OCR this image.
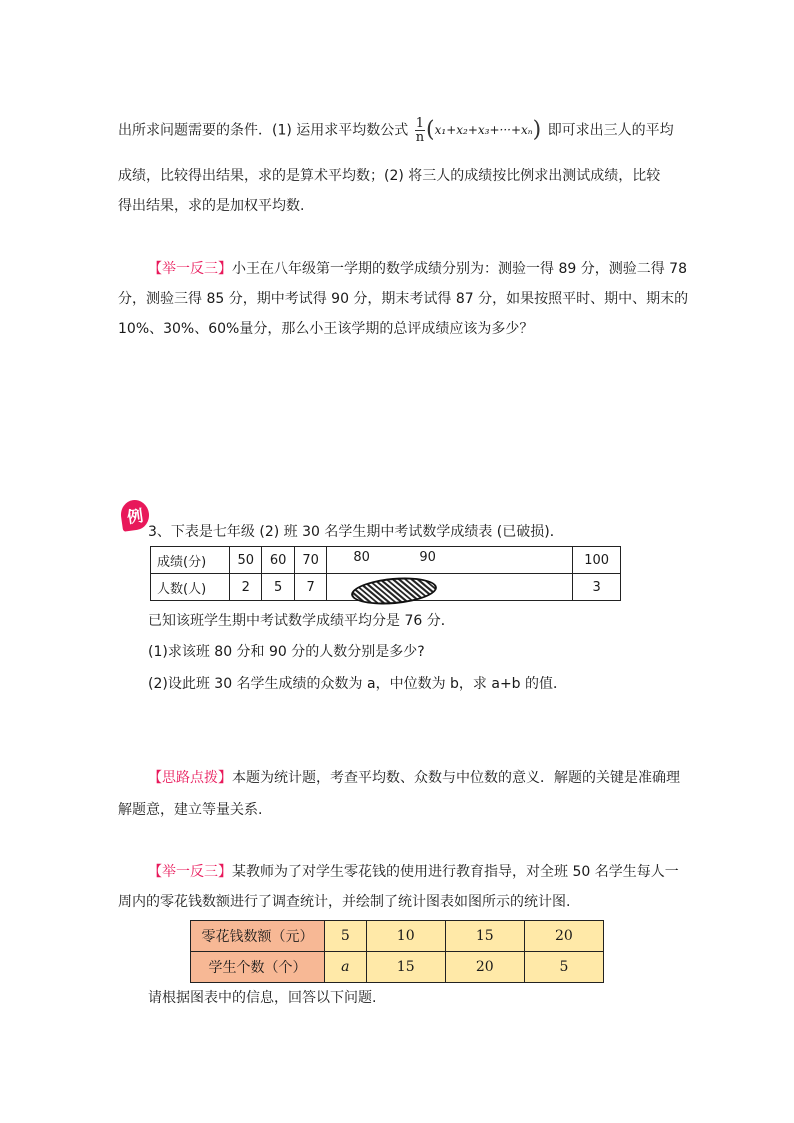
出所求问题需要的条件．(1) 运用求平均数公式 $\frac{1}{n} (x_1+x_2+x_3+\cdot\cdot\cdot+x_n)$ 即可求出三人的平均
成绩，比较得出结果，求的是算术平均数；(2) 将三人的成绩按比例求出测试成绩，比较
得出结果，求的是加权平均数.
【举一反三】小王在八年级第一学期的数学成绩分别为：测验一得 89 分，测验二得 78
分，测验三得 85 分，期中考试得 90 分，期末考试得 87 分，如果按照平时、期中、期末的
10%、30%、60%量分，那么小王该学期的总评成绩应该为多少？
例
3、下表是七年级 (2) 班 30 名学生期中考试数学成绩表 (已破损)．
成绩(分)	50	60	70	80 90	100
人数(人)	2	5	7		3
已知该班学生期中考试数学成绩平均分是 76 分．
(1)求该班 80 分和 90 分的人数分别是多少?
(2)设此班 30 名学生成绩的众数为 a，中位数为 b，求 a+b 的值．
【思路点拨】本题为统计题，考查平均数、众数与中位数的意义．解题的关键是准确理
解题意，建立等量关系.
【举一反三】某教师为了对学生零花钱的使用进行教育指导，对全班 50 名学生每人一
周内的零花钱数额进行了调查统计，并绘制了统计图表如图所示的统计图.
零花钱数额（元）	5	10	15	20
学生个数（个）	a	15	20	5
请根据图表中的信息，回答以下问题.
